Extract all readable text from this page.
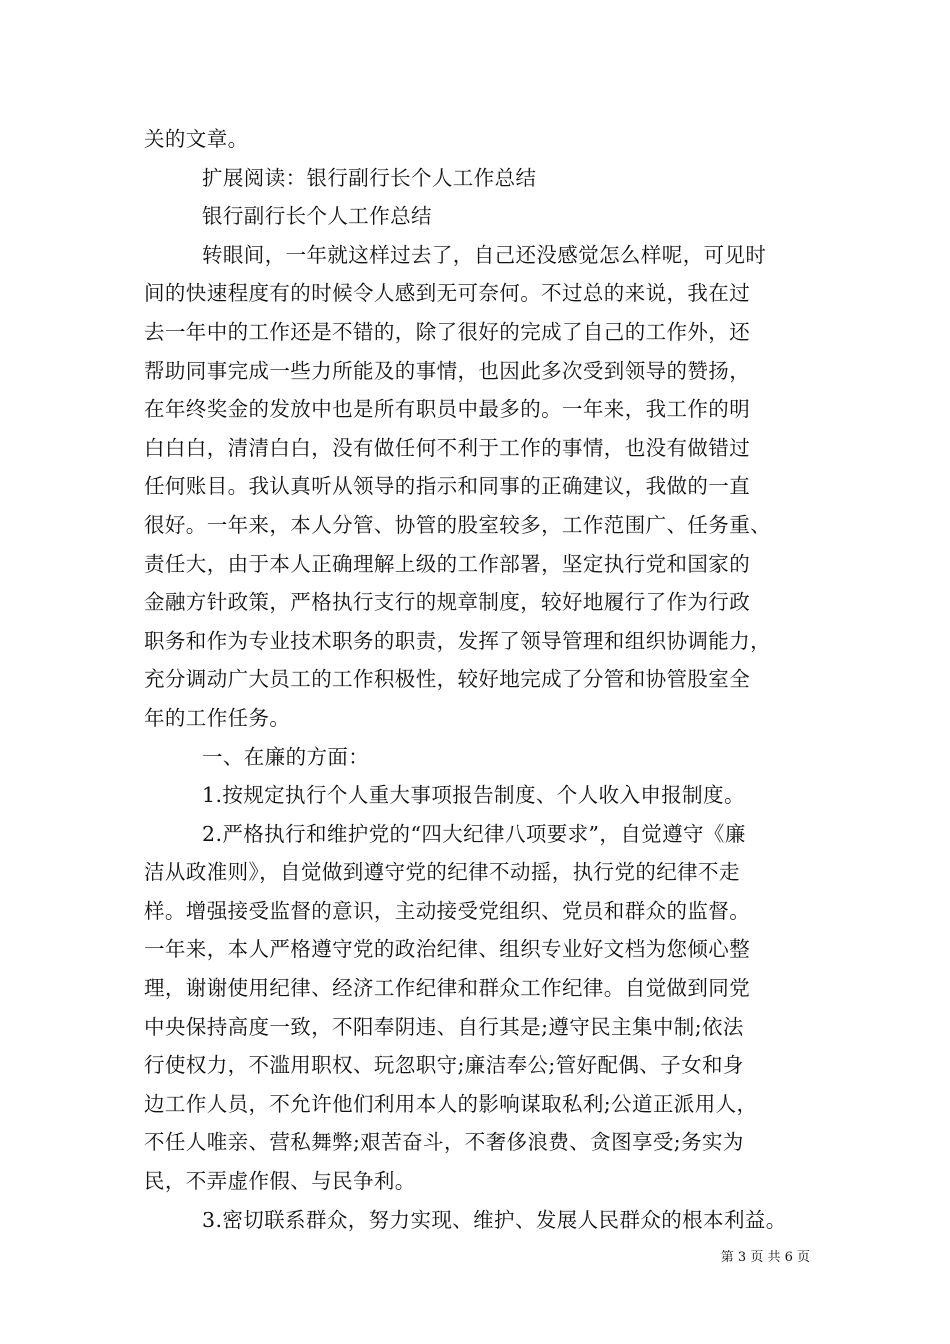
关的文章。
扩展阅读：银行副行长个人工作总结
银行副行长个人工作总结
转眼间，一年就这样过去了，自己还没感觉怎么样呢，可见时
间的快速程度有的时候令人感到无可奈何。不过总的来说，我在过
去一年中的工作还是不错的，除了很好的完成了自己的工作外，还
帮助同事完成一些力所能及的事情，也因此多次受到领导的赞扬，
在年终奖金的发放中也是所有职员中最多的。一年来，我工作的明
白白白，清清白白，没有做任何不利于工作的事情，也没有做错过
任何账目。我认真听从领导的指示和同事的正确建议，我做的一直
很好。一年来，本人分管、协管的股室较多，工作范围广、任务重、
责任大，由于本人正确理解上级的工作部署，坚定执行党和国家的
金融方针政策，严格执行支行的规章制度，较好地履行了作为行政
职务和作为专业技术职务的职责，发挥了领导管理和组织协调能力，
充分调动广大员工的工作积极性，较好地完成了分管和协管股室全
年的工作任务。
一、在廉的方面：
1.按规定执行个人重大事项报告制度、个人收入申报制度。
2.严格执行和维护党的“四大纪律八项要求”，自觉遵守《廉
洁从政准则》，自觉做到遵守党的纪律不动摇，执行党的纪律不走
样。增强接受监督的意识，主动接受党组织、党员和群众的监督。
一年来，本人严格遵守党的政治纪律、组织专业好文档为您倾心整
理，谢谢使用纪律、经济工作纪律和群众工作纪律。自觉做到同党
中央保持高度一致，不阳奉阴违、自行其是;遵守民主集中制;依法
行使权力，不滥用职权、玩忽职守;廉洁奉公;管好配偶、子女和身
边工作人员，不允许他们利用本人的影响谋取私利;公道正派用人，
不任人唯亲、营私舞弊;艰苦奋斗，不奢侈浪费、贪图享受;务实为
民，不弄虚作假、与民争利。
3.密切联系群众，努力实现、维护、发展人民群众的根本利益。
第 3 页 共 6 页
